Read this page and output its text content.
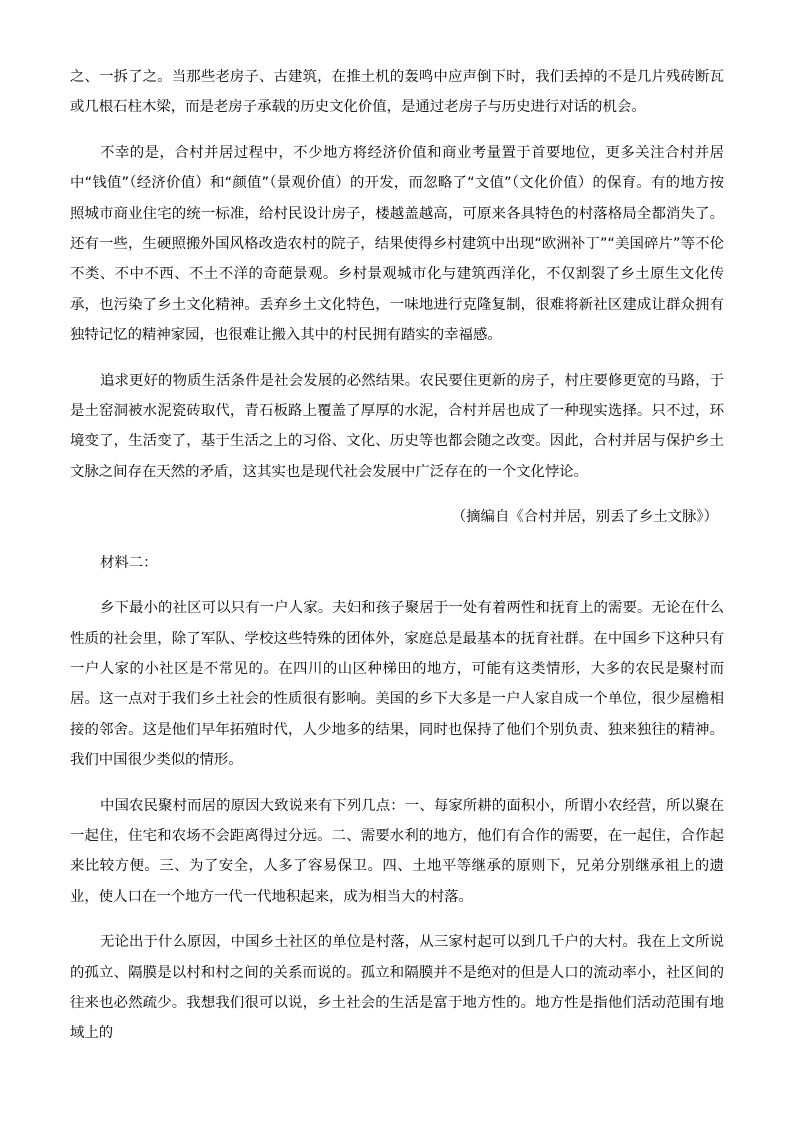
之、一拆了之。当那些老房子、古建筑，在推土机的轰鸣中应声倒下时，我们丢掉的不是几片残砖断瓦或几根石柱木梁，而是老房子承载的历史文化价值，是通过老房子与历史进行对话的机会。

不幸的是，合村并居过程中，不少地方将经济价值和商业考量置于首要地位，更多关注合村并居中“钱值”（经济价值）和“颜值”（景观价值）的开发，而忽略了“文值”（文化价值）的保育。有的地方按照城市商业住宅的统一标准，给村民设计房子，楼越盖越高，可原来各具特色的村落格局全都消失了。还有一些，生硬照搬外国风格改造农村的院子，结果使得乡村建筑中出现“欧洲补丁”“美国碎片”等不伦不类、不中不西、不土不洋的奇葩景观。乡村景观城市化与建筑西洋化，不仅割裂了乡土原生文化传承，也污染了乡土文化精神。丢弃乡土文化特色，一味地进行克隆复制，很难将新社区建成让群众拥有独特记忆的精神家园，也很难让搬入其中的村民拥有踏实的幸福感。

追求更好的物质生活条件是社会发展的必然结果。农民要住更新的房子，村庄要修更宽的马路，于是土窑洞被水泥瓷砖取代，青石板路上覆盖了厚厚的水泥，合村并居也成了一种现实选择。只不过，环境变了，生活变了，基于生活之上的习俗、文化、历史等也都会随之改变。因此，合村并居与保护乡土文脉之间存在天然的矛盾，这其实也是现代社会发展中广泛存在的一个文化悖论。

（摘编自《合村并居，别丢了乡土文脉》）

材料二：

乡下最小的社区可以只有一户人家。夫妇和孩子聚居于一处有着两性和抚育上的需要。无论在什么性质的社会里，除了军队、学校这些特殊的团体外，家庭总是最基本的抚育社群。在中国乡下这种只有一户人家的小社区是不常见的。在四川的山区种梯田的地方，可能有这类情形，大多的农民是聚村而居。这一点对于我们乡土社会的性质很有影响。美国的乡下大多是一户人家自成一个单位，很少屋檐相接的邻舍。这是他们早年拓殖时代，人少地多的结果，同时也保持了他们个别负责、独来独往的精神。我们中国很少类似的情形。

中国农民聚村而居的原因大致说来有下列几点：一、每家所耕的面积小，所谓小农经营，所以聚在一起住，住宅和农场不会距离得过分远。二、需要水利的地方，他们有合作的需要，在一起住，合作起来比较方便。三、为了安全，人多了容易保卫。四、土地平等继承的原则下，兄弟分别继承祖上的遗业，使人口在一个地方一代一代地积起来，成为相当大的村落。

无论出于什么原因，中国乡土社区的单位是村落，从三家村起可以到几千户的大村。我在上文所说的孤立、隔膜是以村和村之间的关系而说的。孤立和隔膜并不是绝对的但是人口的流动率小，社区间的往来也必然疏少。我想我们很可以说，乡土社会的生活是富于地方性的。地方性是指他们活动范围有地域上的
